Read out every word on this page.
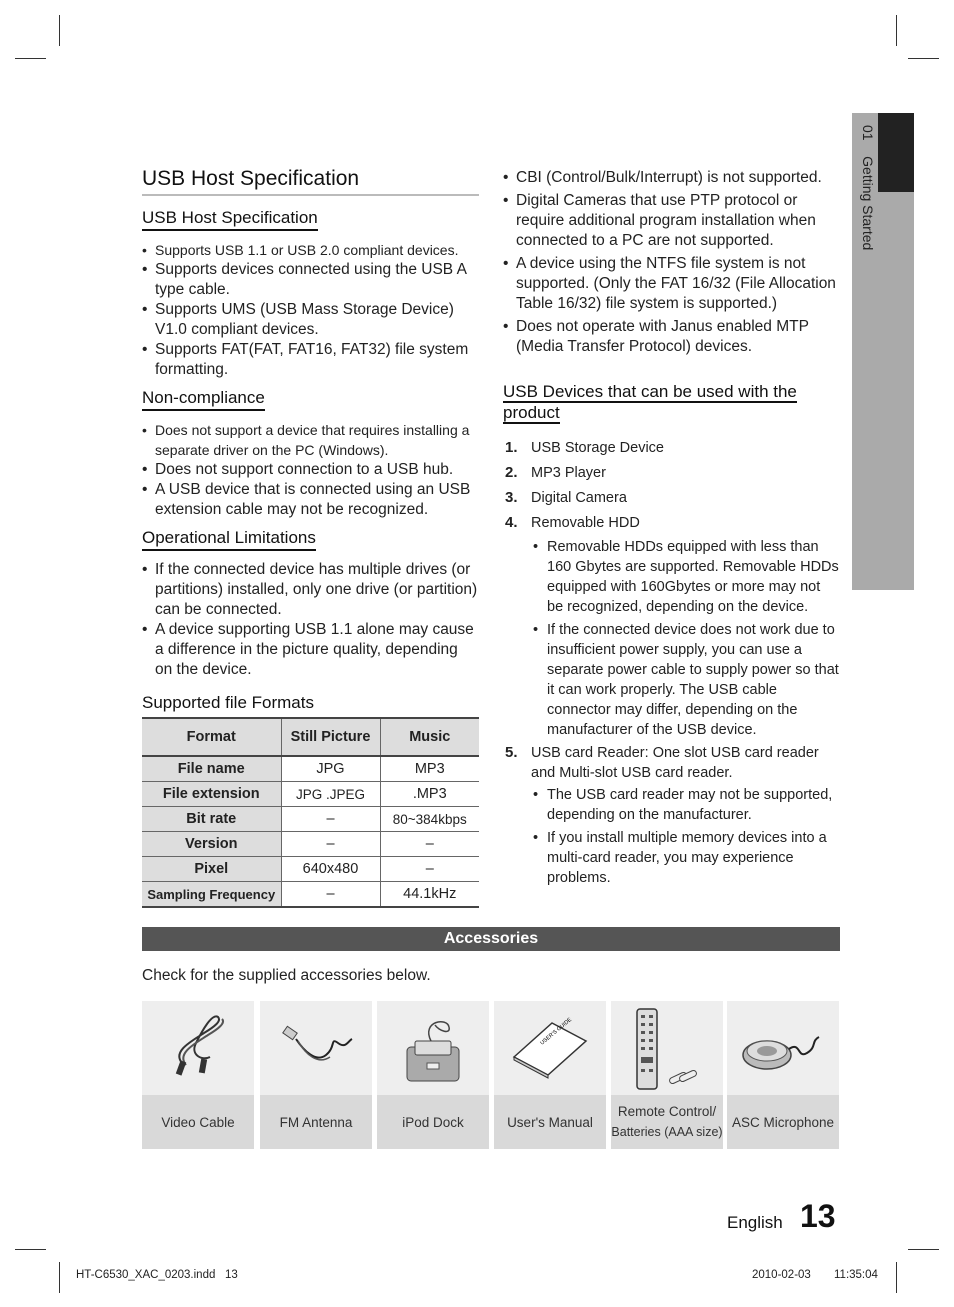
01    Getting Started
USB Host Specification
USB Host Specification
• Supports USB 1.1 or USB 2.0 compliant devices.
• Supports devices connected using the USB A type cable.
• Supports UMS (USB Mass Storage Device) V1.0 compliant devices.
• Supports FAT(FAT, FAT16, FAT32) file system formatting.
Non-compliance
• Does not support a device that requires installing a separate driver on the PC (Windows).
• Does not support connection to a USB hub.
• A USB device that is connected using an USB extension cable may not be recognized.
Operational Limitations
• If the connected device has multiple drives (or partitions) installed, only one drive (or partition) can be connected.
• A device supporting USB 1.1 alone may cause a difference in the picture quality, depending on the device.
Supported file Formats
Format	Still Picture	Music
File name	JPG	MP3
File extension	JPG .JPEG	.MP3
Bit rate	–	80~384kbps
Version	–	–
Pixel	640x480	–
Sampling Frequency	–	44.1kHz
• CBI (Control/Bulk/Interrupt) is not supported.
• Digital Cameras that use PTP protocol or require additional program installation when connected to a PC are not supported.
• A device using the NTFS file system is not supported. (Only the FAT 16/32 (File Allocation Table 16/32) file system is supported.)
• Does not operate with Janus enabled MTP (Media Transfer Protocol) devices.
USB Devices that can be used with the product
1. USB Storage Device
2. MP3 Player
3. Digital Camera
4. Removable HDD
• Removable HDDs equipped with less than 160 Gbytes are supported. Removable HDDs equipped with 160Gbytes or more may not be recognized, depending on the device.
• If the connected device does not work due to insufficient power supply, you can use a separate power cable to supply power so that it can work properly. The USB cable connector may differ, depending on the manufacturer of the USB device.
5. USB card Reader: One slot USB card reader and Multi-slot USB card reader.
• The USB card reader may not be supported, depending on the manufacturer.
• If you install multiple memory devices into a multi-card reader, you may experience problems.
Accessories
Check for the supplied accessories below.
Video Cable	FM Antenna	iPod Dock
USER'S GUIDE
User's Manual
Remote Control/
Batteries (AAA size)
ASC Microphone
English 13
HT-C6530_XAC_0203.indd   13	2010-02-03 11:35:04
